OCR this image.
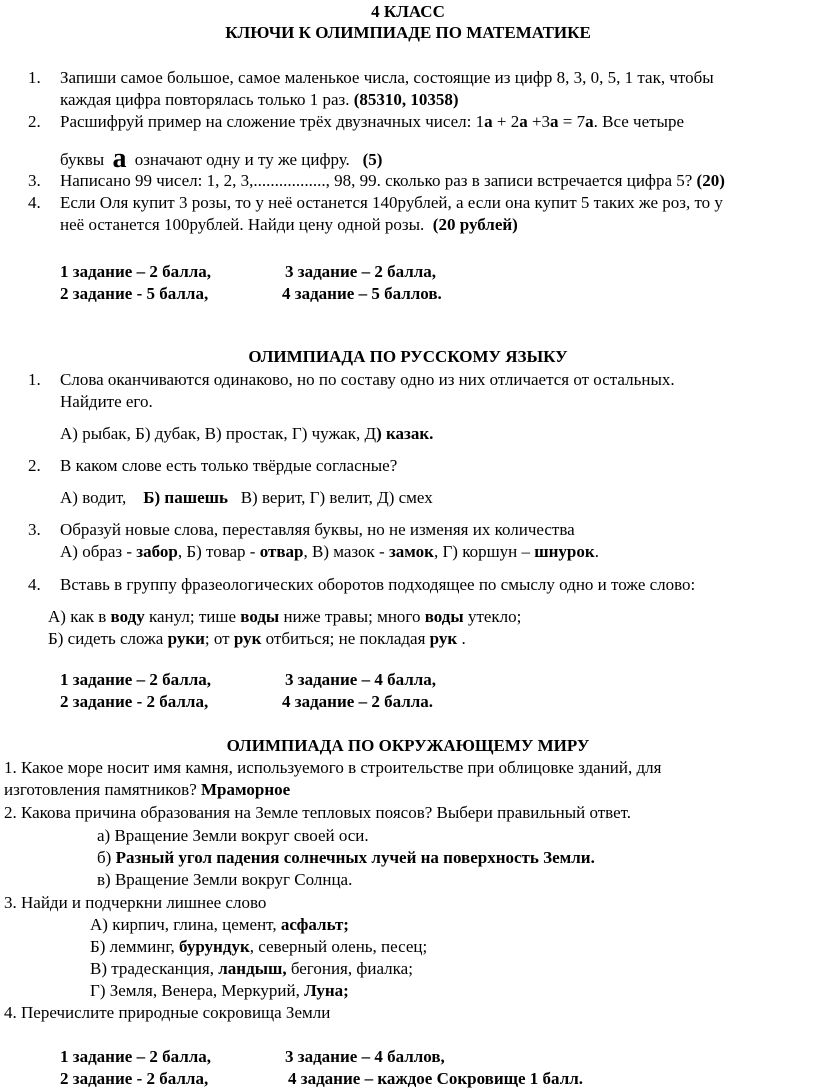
4 КЛАСС
КЛЮЧИ К ОЛИМПИАДЕ ПО МАТЕМАТИКЕ
1. Запиши самое большое, самое маленькое числа, состоящие из цифр 8, 3, 0, 5, 1 так, чтобы
каждая цифра повторялась только 1 раз. (85310, 10358)
2. Расшифруй пример на сложение трёх двузначных чисел: 1а + 2а +3а = 7а. Все четыре
буквы а означают одну и ту же цифру. (5)
3. Написано 99 чисел: 1, 2, 3,................., 98, 99. сколько раз в записи встречается цифра 5? (20)
4. Если Оля купит 3 розы, то у неё останется 140рублей, а если она купит 5 таких же роз, то у
неё останется 100рублей. Найди цену одной розы. (20 рублей)
1 задание – 2 балла,	3 задание – 2 балла,
2 задание - 5 балла,	4 задание – 5 баллов.
ОЛИМПИАДА ПО РУССКОМУ ЯЗЫКУ
1. Слова оканчиваются одинаково, но по составу одно из них отличается от остальных.
Найдите его.
А) рыбак, Б) дубак, В) простак, Г) чужак, Д) казак.
2. В каком слове есть только твёрдые согласные?
А) водит, Б) пашешь В) верит, Г) велит, Д) смех
3. Образуй новые слова, переставляя буквы, но не изменяя их количества
А) образ - забор, Б) товар - отвар, В) мазок - замок, Г) коршун – шнурок.
4. Вставь в группу фразеологических оборотов подходящее по смыслу одно и тоже слово:
А) как в воду канул; тише воды ниже травы; много воды утекло;
Б) сидеть сложа руки; от рук отбиться; не покладая рук .
1 задание – 2 балла,	3 задание – 4 балла,
2 задание - 2 балла,	4 задание – 2 балла.
ОЛИМПИАДА ПО ОКРУЖАЮЩЕМУ МИРУ
1. Какое море носит имя камня, используемого в строительстве при облицовке зданий, для
изготовления памятников? Мраморное
2. Какова причина образования на Земле тепловых поясов? Выбери правильный ответ.
а) Вращение Земли вокруг своей оси.
б) Разный угол падения солнечных лучей на поверхность Земли.
в) Вращение Земли вокруг Солнца.
3. Найди и подчеркни лишнее слово
А) кирпич, глина, цемент, асфальт;
Б) лемминг, бурундук, северный олень, песец;
В) традесканция, ландыш, бегония, фиалка;
Г) Земля, Венера, Меркурий, Луна;
4. Перечислите природные сокровища Земли
1 задание – 2 балла,	3 задание – 4 баллов,
2 задание - 2 балла,	4 задание – каждое Сокровище 1 балл.
